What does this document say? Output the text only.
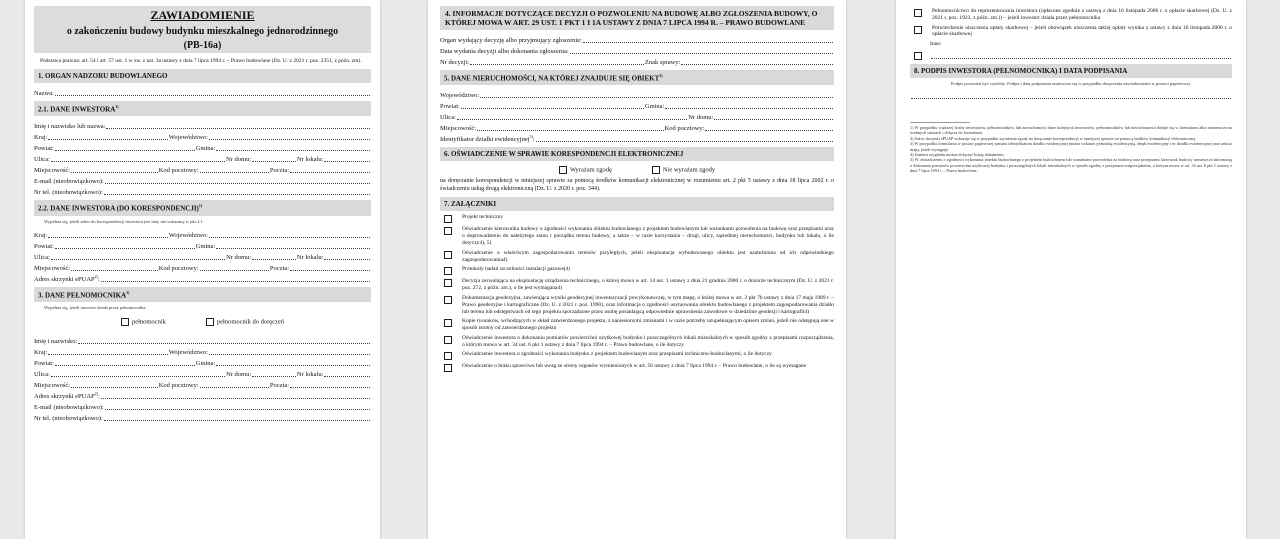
ZAWIADOMIENIE
o zakończeniu budowy budynku mieszkalnego jednorodzinnego
(PB-16a)
Podstawa prawna: art. 54 i art. 57 ust. 1 w zw. z ust. 3a ustawy z dnia 7 lipca 1994 r. – Prawo budowlane (Dz. U. z 2021 r. poz. 2351, z późn. zm).
1. ORGAN NADZORU BUDOWLANEGO
Nazwa:
2.1. DANE INWESTORA$^{1)}$
Imię i nazwisko lub nazwa:
Kraj:	Województwo:
Powiat:	Gmina:
Ulica:	Nr domu:	Nr lokalu:
Miejscowość:	Kod pocztowy:	Poczta:
E-mail (nieobowiązkowo):
Nr tel. (nieobowiązkowo):
2.2. DANE INWESTORA (DO KORESPONDENCJI)$^{1)}$
Wypełnia się, jeżeli adres do korespondencji inwestora jest inny niż wskazany w pkt 2.1.
Kraj:	Województwo:
Powiat:	Gmina:
Ulica:	Nr domu:	Nr lokalu:
Miejscowość:	Kod pocztowy:	Poczta:
Adres skrzynki ePUAP$^{2)}$:
3. DANE PEŁNOMOCNIKA$^{1)}$
Wypełnia się, jeżeli inwestor działa przez pełnomocnika.
pełnomocnik	pełnomocnik do doręczeń
Imię i nazwisko:
Kraj:	Województwo:
Powiat:	Gmina:
Ulica:	Nr domu:	Nr lokalu:
Miejscowość:	Kod pocztowy:	Poczta:
Adres skrzynki ePUAP$^{2)}$:
E-mail (nieobowiązkowo):
Nr tel. (nieobowiązkowo):
4. INFORMACJE DOTYCZĄCE DECYZJI O POZWOLENIU NA BUDOWĘ ALBO ZGŁOSZENIA BUDOWY, O KTÓREJ MOWA W ART. 29 UST. 1 PKT 1 I 1A USTAWY Z DNIA 7 LIPCA 1994 R. – PRAWO BUDOWLANE
Organ wydający decyzję albo przyjmujący zgłoszenie:
Data wydania decyzji albo dokonania zgłoszenia:
Nr decyzji:	Znak sprawy:
5. DANE NIERUCHOMOŚCI, NA KTÓREJ ZNAJDUJE SIĘ OBIEKT$^{1)}$
Województwo:
Powiat:	Gmina:
Ulica:	Nr domu:
Miejscowość:	Kod pocztowy:
Identyfikator działki ewidencyjnej$^{3)}$:
6. OŚWIADCZENIE W SPRAWIE KORESPONDENCJI ELEKTRONICZNEJ
Wyrażam zgodę	Nie wyrażam zgody
na doręczanie korespondencji w niniejszej sprawie za pomocą środków komunikacji elektronicznej w rozumieniu art. 2 pkt 5 ustawy z dnia 18 lipca 2002 r. o świadczeniu usług drogą elektroniczną (Dz. U. z 2020 r. poz. 344).
7. ZAŁĄCZNIKI
Projekt techniczny
Oświadczenie kierownika budowy o zgodności wykonania obiektu budowlanego z projektem budowlanym lub warunkami pozwolenia na budowę oraz przepisami oraz o doprowadzeniu do należytego stanu i porządku terenu budowy, a także – w razie korzystania – drogi, ulicy, sąsiedniej nieruchomości, budynku lub lokalu, o ile dotyczy4), 5)
Oświadczenie o właściwym zagospodarowaniu terenów przyległych, jeżeli eksploatacja wybudowanego obiektu jest uzależniona od ich odpowiedniego zagospodarowania4)
Protokoły badań szczelności instalacji gazowej4)
Decyzja zezwalająca na eksploatację urządzenia technicznego, o której mowa w art. 14 ust. 1 ustawy z dnia 21 grudnia 2000 r. o dozorze technicznym (Dz. U. z 2021 r. poz. 272, z późn. zm.), o ile jest wymagana4)
Dokumentacja geodezyjna, zawierająca wyniki geodezyjnej inwentaryzacji powykonawczej, w tym mapę, o której mowa w art. 2 pkt 7b ustawy z dnia 17 maja 1989 r. – Prawo geodezyjne i kartograficzne (Dz. U. z 2021 r. poz. 1990), oraz informacja o zgodności usytuowania obiektu budowlanego z projektem zagospodarowania działki lub terenu lub odstępstwach od tego projektu sporządzone przez osobę posiadającą odpowiednie uprawnienia zawodowe w dziedzinie geodezji i kartografii4)
Kopie rysunków, wchodzących w skład zatwierdzonego projektu, z naniesionymi zmianami i w razie potrzeby uzupełniającym opisem zmian, jeżeli nie odstępują one w sposób istotny od zatwierdzonego projektu
Oświadczenie inwestora o dokonaniu pomiarów powierzchni użytkowej budynku i poszczególnych lokali mieszkalnych w sposób zgodny z przepisami rozporządzenia, o którym mowa w art. 34 ust. 6 pkt 1 ustawy z dnia 7 lipca 1994 r. – Prawo budowlane, o ile dotyczy
Oświadczenie inwestora o zgodności wykonania budynku z projektem budowlanym oraz przepisami techniczno-budowlanymi, o ile dotyczy
Oświadczenie o braku sprzeciwu lub uwag ze strony organów wymienionych w art. 56 ustawy z dnia 7 lipca 1994 r. – Prawo budowlane, o ile są wymagane
Pełnomocnictwo do reprezentowania inwestora (opłacone zgodnie z ustawą z dnia 16 listopada 2006 r. o opłacie skarbowej (Dz. U. z 2021 r. poz. 1923, z późn. zm.)) – jeżeli inwestor działa przez pełnomocnika
Potwierdzenie uiszczenia opłaty skarbowej – jeżeli obowiązek uiszczenia takiej opłaty wynika z ustawy z dnia 16 listopada 2006 r. o opłacie skarbowej
Inne:
8. PODPIS INWESTORA (PEŁNOMOCNIKA) I DATA PODPISANIA
Podpis powinien być czytelny. Podpis i datę podpisania umieszcza się w przypadku doręczenia zawiadomienia w postaci papierowej.
1) W przypadku większej liczby inwestorów, pełnomocników lub nieruchomości dane kolejnych inwestorów, pełnomocników lub nieruchomości dodaje się w formularzu albo zamieszcza na osobnych stronach i dołącza do formularza.
2) Adres skrzynki ePUAP wskazuje się w przypadku wyrażenia zgody na doręczanie korespondencji w niniejszej sprawie za pomocą środków komunikacji elektronicznej.
3) W przypadku formularza w postaci papierowej zamiast identyfikatora działki ewidencyjnej można wskazać jednostkę ewidencyjną, obręb ewidencyjny i nr działki ewidencyjnej oraz arkusz mapy, jeżeli występuje.
4) Zamiast oryginału można dołączyć kopię dokumentu.
5) W oświadczeniu o zgodności wykonania obiektu budowlanego z projektem budowlanym lub warunkami pozwolenia na budowę oraz przepisami kierownik budowy zamieszcza informację o dokonaniu pomiarów powierzchni użytkowej budynku i poszczególnych lokali mieszkalnych w sposób zgodny z przepisami rozporządzenia, o którym mowa w art. 34 ust. 6 pkt 1 ustawy z dnia 7 lipca 1994 r. – Prawo budowlane.
